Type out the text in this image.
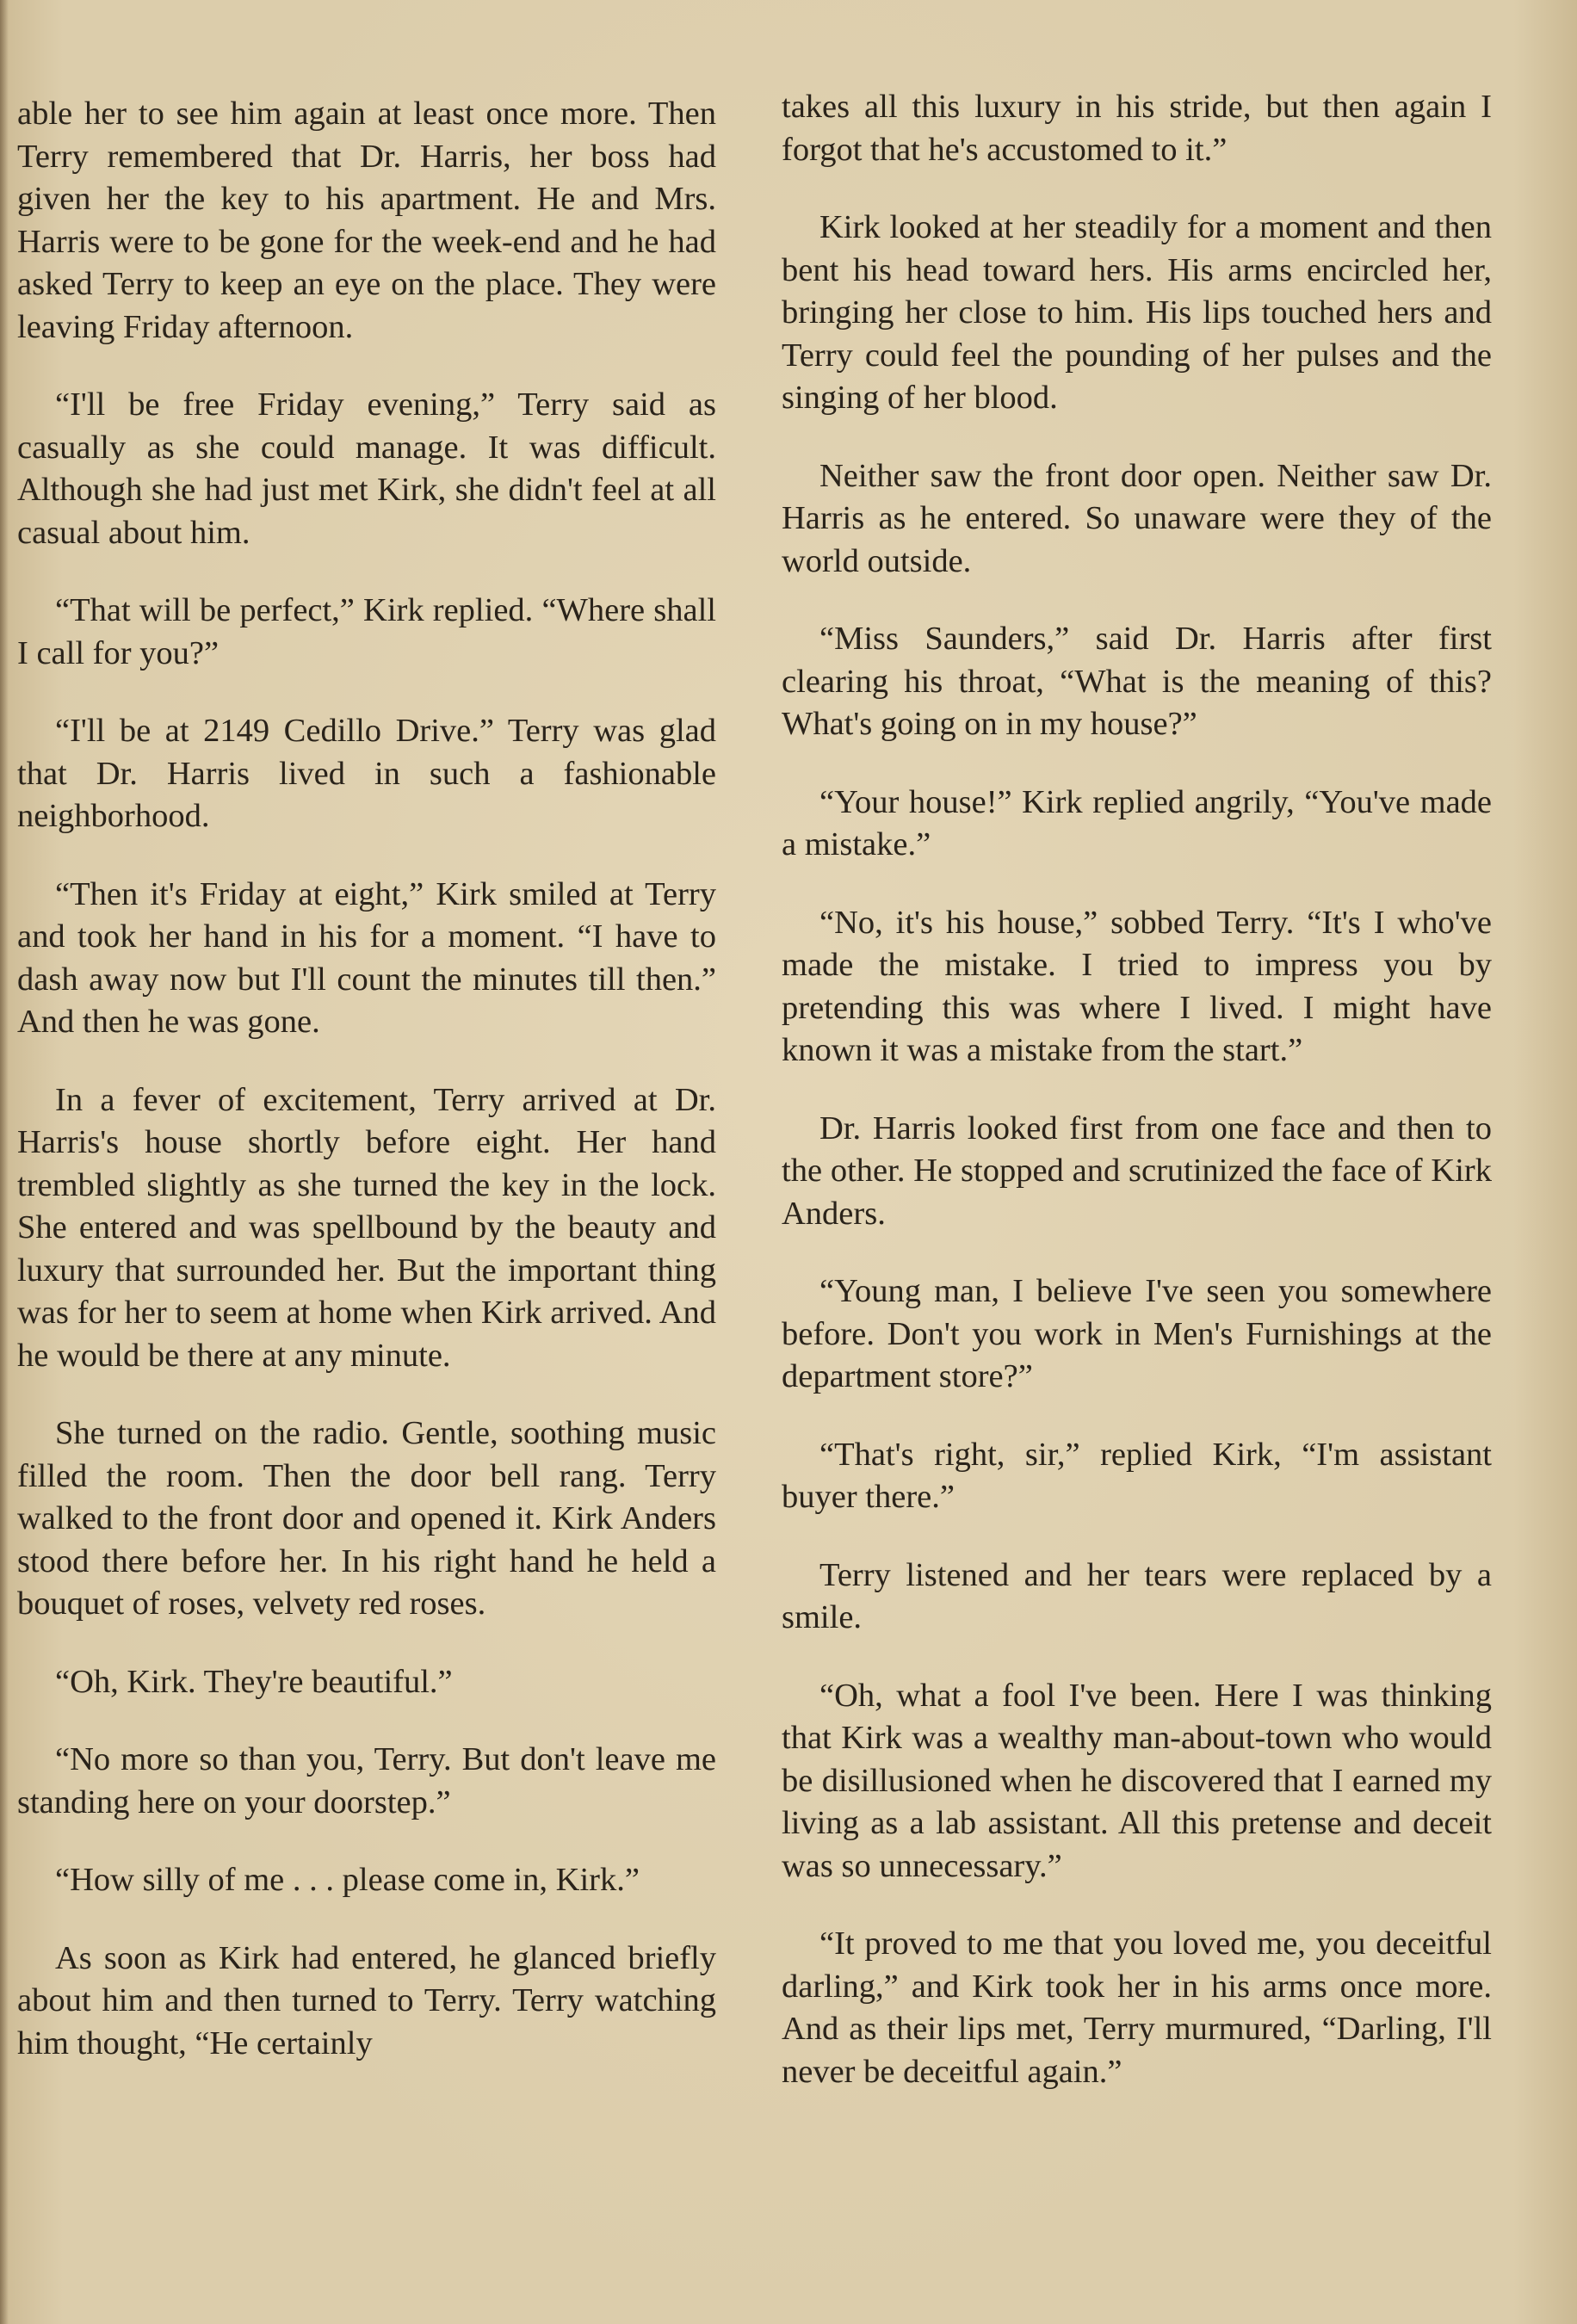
able her to see him again at least once more. Then Terry remembered that Dr. Harris, her boss had given her the key to his apartment. He and Mrs. Harris were to be gone for the week-end and he had asked Terry to keep an eye on the place. They were leaving Friday afternoon.

“I'll be free Friday evening,” Terry said as casually as she could manage. It was difficult. Although she had just met Kirk, she didn't feel at all casual about him.

“That will be perfect,” Kirk replied. “Where shall I call for you?”

“I'll be at 2149 Cedillo Drive.” Terry was glad that Dr. Harris lived in such a fashionable neighborhood.

“Then it's Friday at eight,” Kirk smiled at Terry and took her hand in his for a moment. “I have to dash away now but I'll count the minutes till then.” And then he was gone.

In a fever of excitement, Terry arrived at Dr. Harris's house shortly before eight. Her hand trembled slightly as she turned the key in the lock. She entered and was spellbound by the beauty and luxury that surrounded her. But the important thing was for her to seem at home when Kirk arrived. And he would be there at any minute.

She turned on the radio. Gentle, soothing music filled the room. Then the door bell rang. Terry walked to the front door and opened it. Kirk Anders stood there before her. In his right hand he held a bouquet of roses, velvety red roses.

“Oh, Kirk. They're beautiful.”

“No more so than you, Terry. But don't leave me standing here on your doorstep.”

“How silly of me . . . please come in, Kirk.”

As soon as Kirk had entered, he glanced briefly about him and then turned to Terry. Terry watching him thought, “He certainly

takes all this luxury in his stride, but then again I forgot that he's accustomed to it.”

Kirk looked at her steadily for a moment and then bent his head toward hers. His arms encircled her, bringing her close to him. His lips touched hers and Terry could feel the pounding of her pulses and the singing of her blood.

Neither saw the front door open. Neither saw Dr. Harris as he entered. So unaware were they of the world outside.

“Miss Saunders,” said Dr. Harris after first clearing his throat, “What is the meaning of this? What's going on in my house?”

“Your house!” Kirk replied angrily, “You've made a mistake.”

“No, it's his house,” sobbed Terry. “It's I who've made the mistake. I tried to impress you by pretending this was where I lived. I might have known it was a mistake from the start.”

Dr. Harris looked first from one face and then to the other. He stopped and scrutinized the face of Kirk Anders.

“Young man, I believe I've seen you somewhere before. Don't you work in Men's Furnishings at the department store?”

“That's right, sir,” replied Kirk, “I'm assistant buyer there.”

Terry listened and her tears were replaced by a smile.

“Oh, what a fool I've been. Here I was thinking that Kirk was a wealthy man-about-town who would be disillusioned when he discovered that I earned my living as a lab assistant. All this pretense and deceit was so unnecessary.”

“It proved to me that you loved me, you deceitful darling,” and Kirk took her in his arms once more. And as their lips met, Terry murmured, “Darling, I'll never be deceitful again.”
